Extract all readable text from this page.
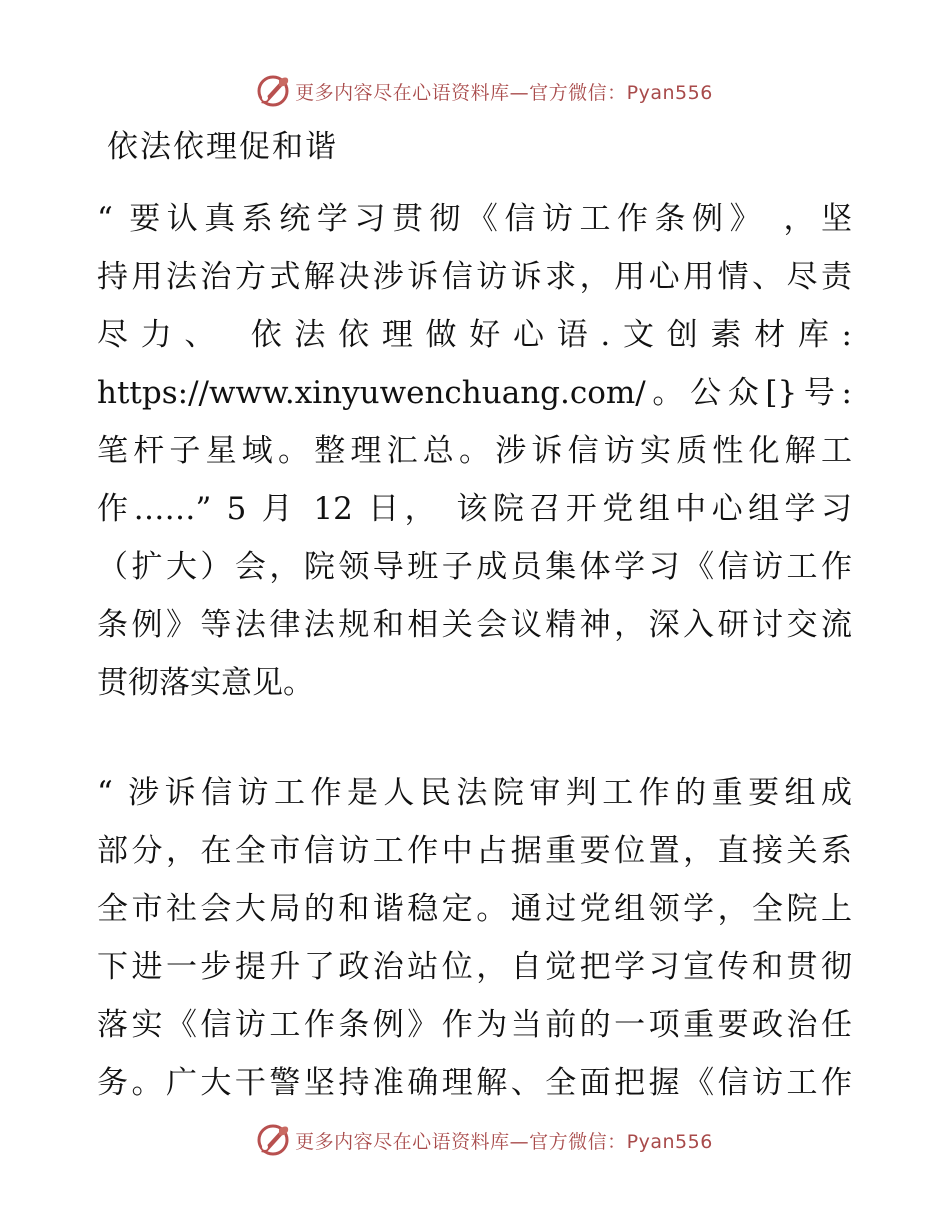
更多内容尽在心语资料库—官方微信：Pyan556
依法依理促和谐
“ 要认真系统学习贯彻《信访工作条例》 ，坚
持用法治方式解决涉诉信访诉求，用心用情、尽责
尽力、 依法依理做好心语.文创素材库:
https://www.xinyuwenchuang.com/。公众[}号:
笔杆子星域。整理汇总。涉诉信访实质性化解工
作……” 5 月 12 日， 该院召开党组中心组学习
（扩大）会，院领导班子成员集体学习《信访工作
条例》等法律法规和相关会议精神，深入研讨交流
贯彻落实意见。
“ 涉诉信访工作是人民法院审判工作的重要组成
部分，在全市信访工作中占据重要位置，直接关系
全市社会大局的和谐稳定。通过党组领学，全院上
下进一步提升了政治站位，自觉把学习宣传和贯彻
落实《信访工作条例》作为当前的一项重要政治任
务。广大干警坚持准确理解、全面把握《信访工作
更多内容尽在心语资料库—官方微信：Pyan556
